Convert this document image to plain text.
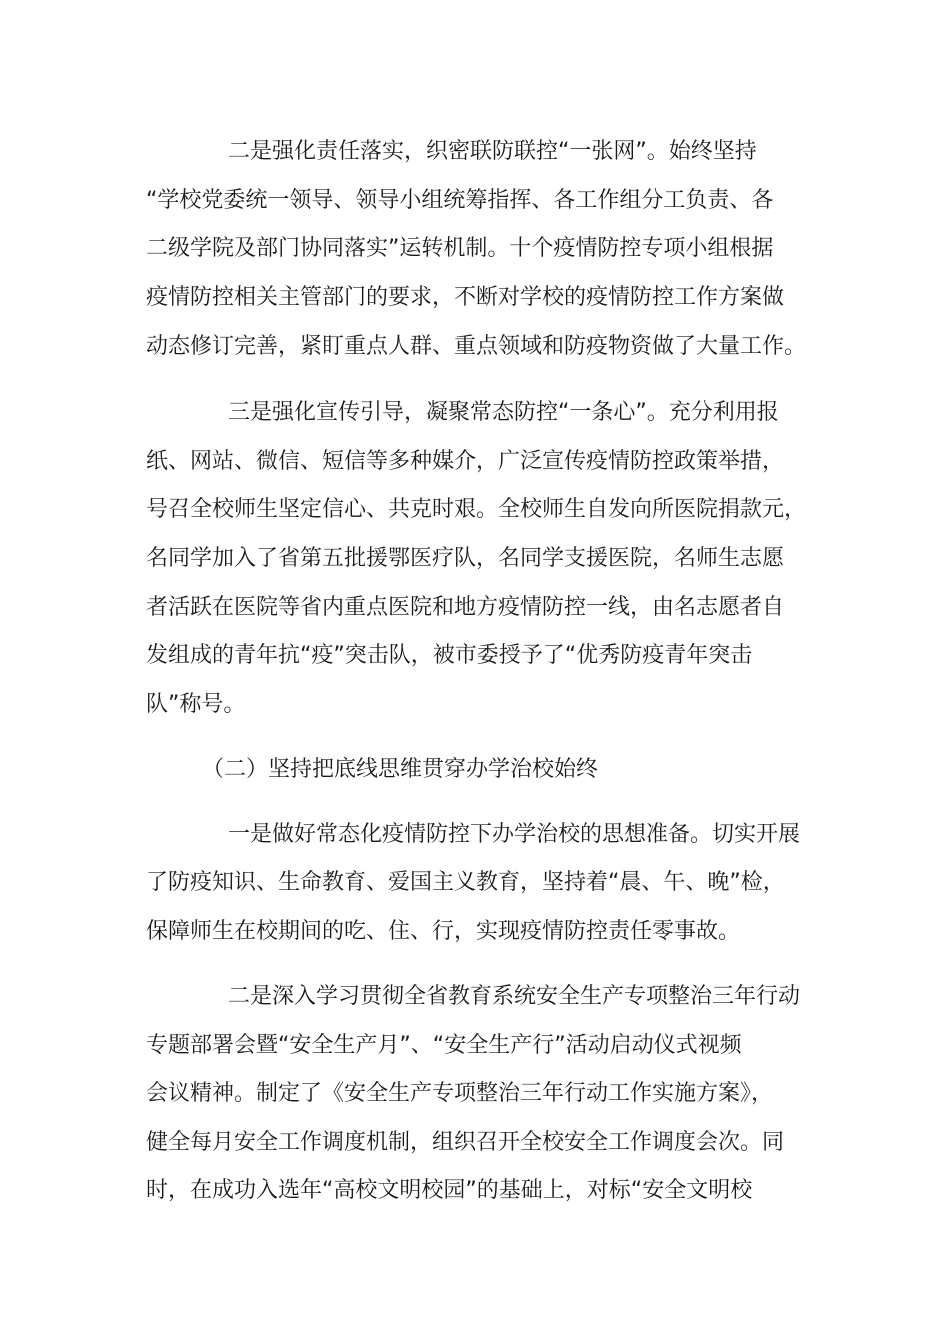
二是强化责任落实，织密联防联控“一张网”。始终坚持

“学校党委统一领导、领导小组统筹指挥、各工作组分工负责、各

二级学院及部门协同落实”运转机制。十个疫情防控专项小组根据

疫情防控相关主管部门的要求，不断对学校的疫情防控工作方案做

动态修订完善，紧盯重点人群、重点领域和防疫物资做了大量工作。

三是强化宣传引导，凝聚常态防控“一条心”。充分利用报

纸、网站、微信、短信等多种媒介，广泛宣传疫情防控政策举措，

号召全校师生坚定信心、共克时艰。全校师生自发向所医院捐款元，

名同学加入了省第五批援鄂医疗队，名同学支援医院，名师生志愿

者活跃在医院等省内重点医院和地方疫情防控一线，由名志愿者自

发组成的青年抗“疫”突击队，被市委授予了“优秀防疫青年突击

队”称号。

（二）坚持把底线思维贯穿办学治校始终

一是做好常态化疫情防控下办学治校的思想准备。切实开展

了防疫知识、生命教育、爱国主义教育，坚持着“晨、午、晚”检，

保障师生在校期间的吃、住、行，实现疫情防控责任零事故。

二是深入学习贯彻全省教育系统安全生产专项整治三年行动

专题部署会暨“安全生产月”、“安全生产行”活动启动仪式视频

会议精神。制定了《安全生产专项整治三年行动工作实施方案》，

健全每月安全工作调度机制，组织召开全校安全工作调度会次。同

时，在成功入选年“高校文明校园”的基础上，对标“安全文明校
